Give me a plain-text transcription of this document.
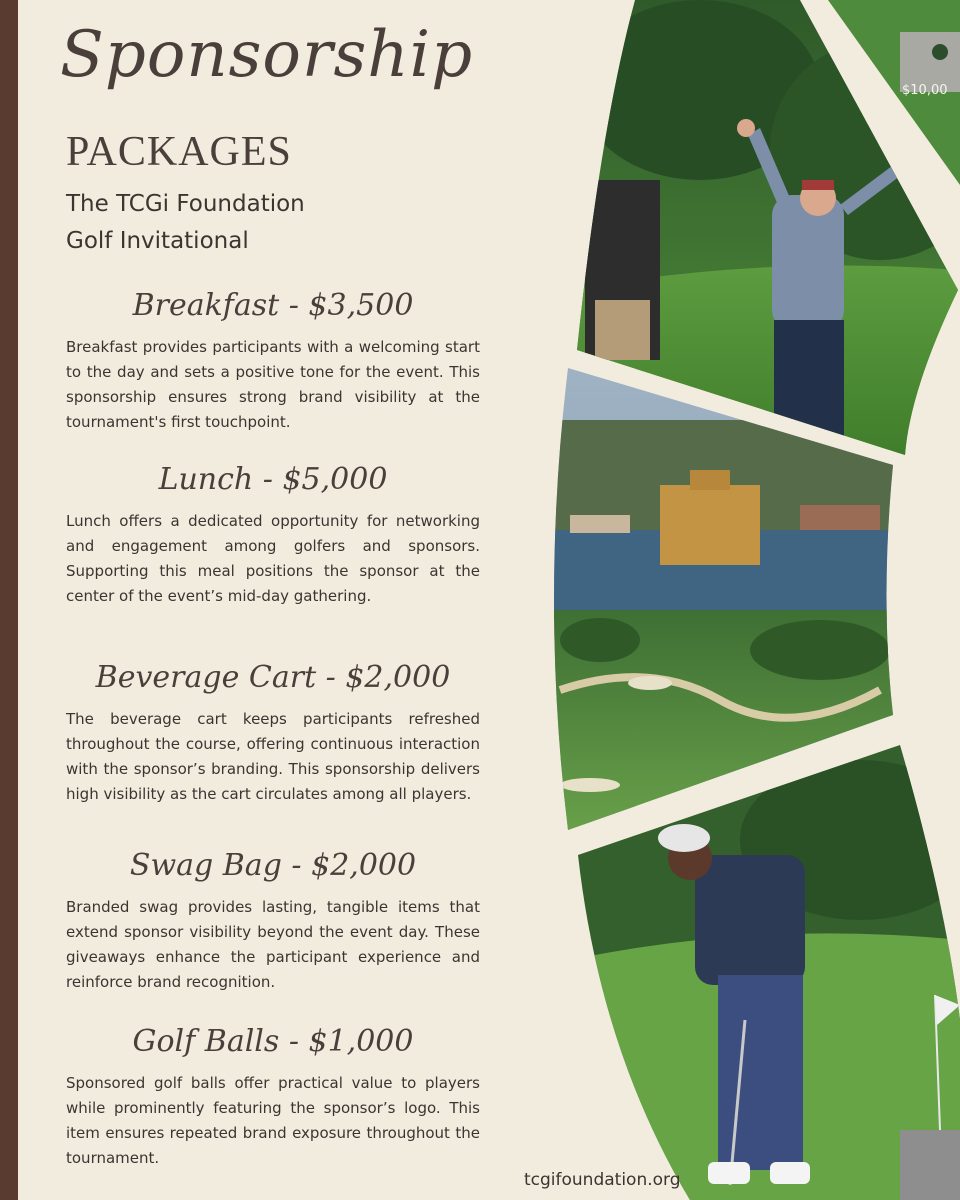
$10,00
Sponsorship
PACKAGES
The TCGi Foundation
Golf Invitational
Breakfast - $3,500

Breakfast provides participants with a welcoming start to the day and sets a positive tone for the event. This sponsorship ensures strong brand visibility at the tournament's first touchpoint.

Lunch - $5,000

Lunch offers a dedicated opportunity for networking and engagement among golfers and sponsors. Supporting this meal positions the sponsor at the center of the event’s mid-day gathering.

Beverage Cart - $2,000

The beverage cart keeps participants refreshed throughout the course, offering continuous interaction with the sponsor’s branding. This sponsorship delivers high visibility as the cart circulates among all players.

Swag Bag - $2,000

Branded swag provides lasting, tangible items that extend sponsor visibility beyond the event day. These giveaways enhance the participant experience and reinforce brand recognition.

Golf Balls - $1,000

Sponsored golf balls offer practical value to players while prominently featuring the sponsor’s logo. This item ensures repeated brand exposure throughout the tournament.

tcgifoundation.org
